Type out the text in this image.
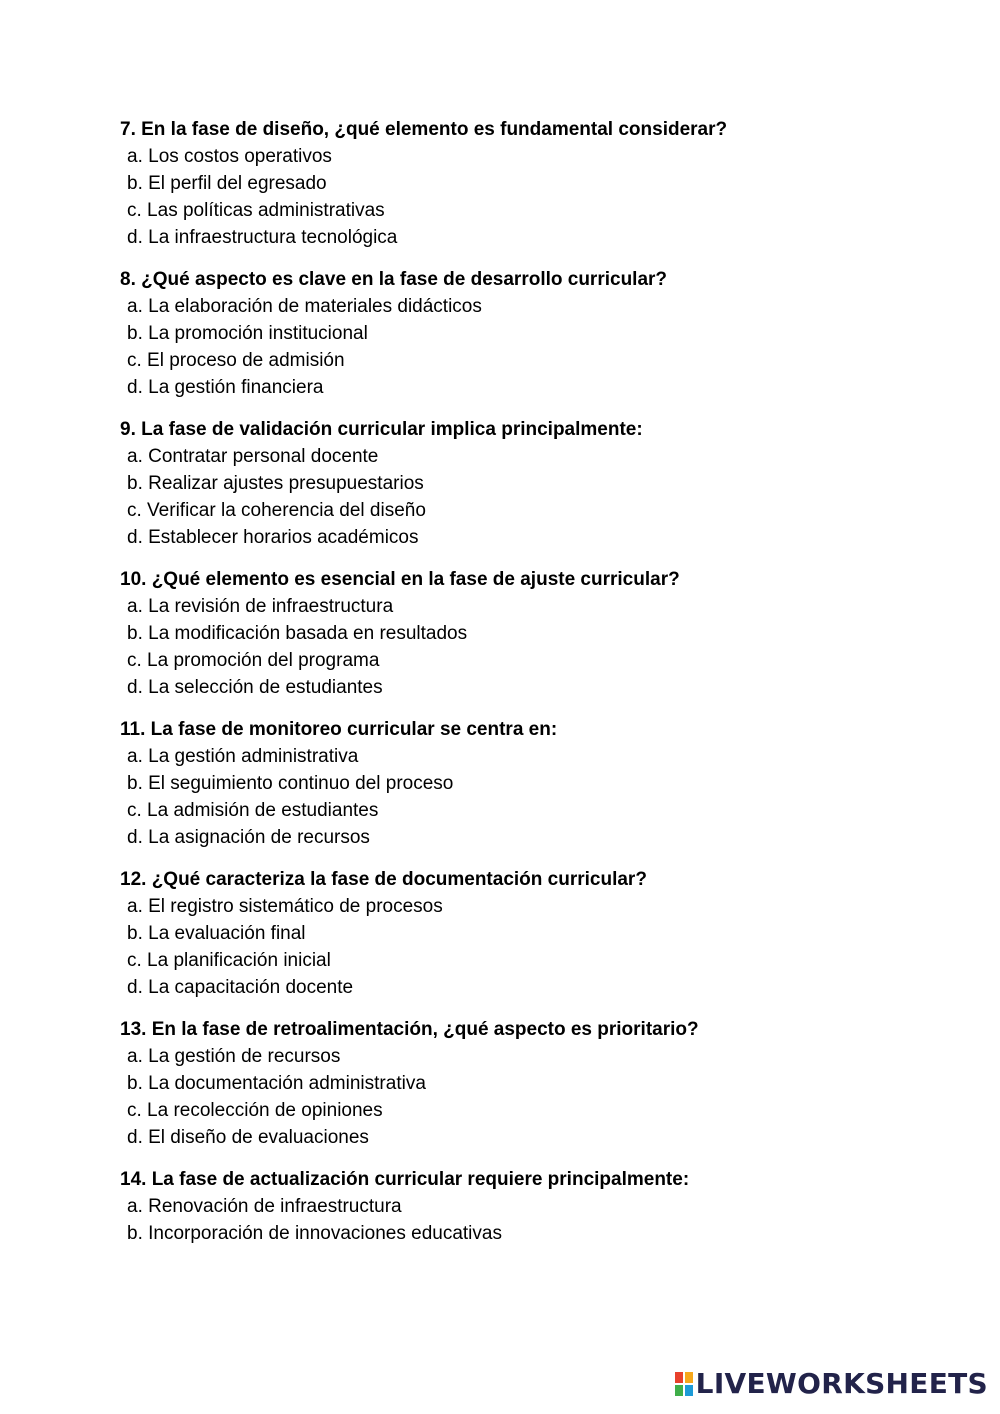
7. En la fase de diseño, ¿qué elemento es fundamental considerar?
a. Los costos operativos
b. El perfil del egresado
c. Las políticas administrativas
d. La infraestructura tecnológica
8. ¿Qué aspecto es clave en la fase de desarrollo curricular?
a. La elaboración de materiales didácticos
b. La promoción institucional
c. El proceso de admisión
d. La gestión financiera
9. La fase de validación curricular implica principalmente:
a. Contratar personal docente
b. Realizar ajustes presupuestarios
c. Verificar la coherencia del diseño
d. Establecer horarios académicos
10. ¿Qué elemento es esencial en la fase de ajuste curricular?
a. La revisión de infraestructura
b. La modificación basada en resultados
c. La promoción del programa
d. La selección de estudiantes
11. La fase de monitoreo curricular se centra en:
a. La gestión administrativa
b. El seguimiento continuo del proceso
c. La admisión de estudiantes
d. La asignación de recursos
12. ¿Qué caracteriza la fase de documentación curricular?
a. El registro sistemático de procesos
b. La evaluación final
c. La planificación inicial
d. La capacitación docente
13. En la fase de retroalimentación, ¿qué aspecto es prioritario?
a. La gestión de recursos
b. La documentación administrativa
c. La recolección de opiniones
d. El diseño de evaluaciones
14. La fase de actualización curricular requiere principalmente:
a. Renovación de infraestructura
b. Incorporación de innovaciones educativas
LIVEWORKSHEETS
